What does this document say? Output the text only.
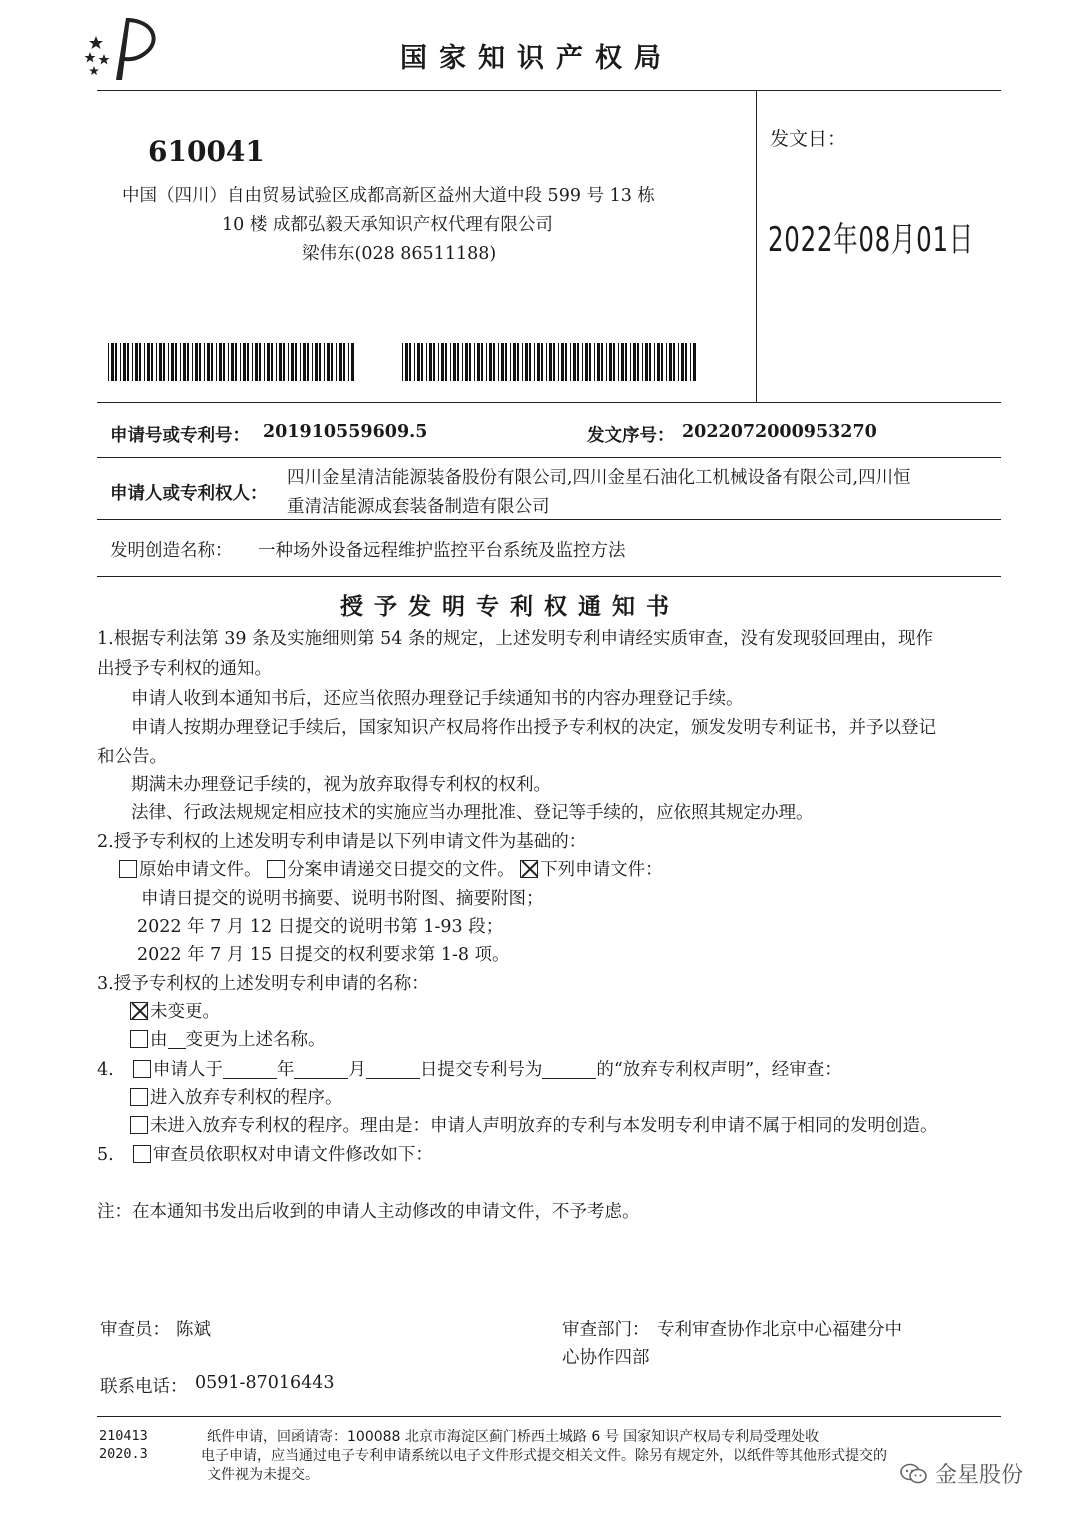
国家知识产权局
610041
中国（四川）自由贸易试验区成都高新区益州大道中段 599 号 13 栋
10 楼 成都弘毅天承知识产权代理有限公司
梁伟东(028 86511188)
发文日：
2022年08月01日
申请号或专利号： 201910559609.5	发文序号： 2022072000953270
申请人或专利权人：
四川金星清洁能源装备股份有限公司,四川金星石油化工机械设备有限公司,四川恒
重清洁能源成套装备制造有限公司
发明创造名称： 一种场外设备远程维护监控平台系统及监控方法
授予发明专利权通知书
1.根据专利法第 39 条及实施细则第 54 条的规定，上述发明专利申请经实质审查，没有发现驳回理由，现作
出授予专利权的通知。
申请人收到本通知书后，还应当依照办理登记手续通知书的内容办理登记手续。
申请人按期办理登记手续后，国家知识产权局将作出授予专利权的决定，颁发发明专利证书，并予以登记
和公告。
期满未办理登记手续的，视为放弃取得专利权的权利。
法律、行政法规规定相应技术的实施应当办理批准、登记等手续的，应依照其规定办理。
2.授予专利权的上述发明专利申请是以下列申请文件为基础的：
原始申请文件。 分案申请递交日提交的文件。 下列申请文件：
申请日提交的说明书摘要、说明书附图、摘要附图；
2022 年 7 月 12 日提交的说明书第 1-93 段；
2022 年 7 月 15 日提交的权利要求第 1-8 项。
3.授予专利权的上述发明专利申请的名称：
未变更。
由 变更为上述名称。
4. 申请人于	年	月	日提交专利号为	的“放弃专利权声明”，经审查：
进入放弃专利权的程序。
未进入放弃专利权的程序。理由是：申请人声明放弃的专利与本发明专利申请不属于相同的发明创造。
5. 审查员依职权对申请文件修改如下：
注：在本通知书发出后收到的申请人主动修改的申请文件，不予考虑。
审查员： 陈斌	审查部门： 专利审查协作北京中心福建分中
心协作四部
联系电话： 0591-87016443
210413
2020.3
纸件申请，回函请寄：100088 北京市海淀区蓟门桥西土城路 6 号 国家知识产权局专利局受理处收
电子申请，应当通过电子专利申请系统以电子文件形式提交相关文件。除另有规定外，以纸件等其他形式提交的
文件视为未提交。	金星股份
